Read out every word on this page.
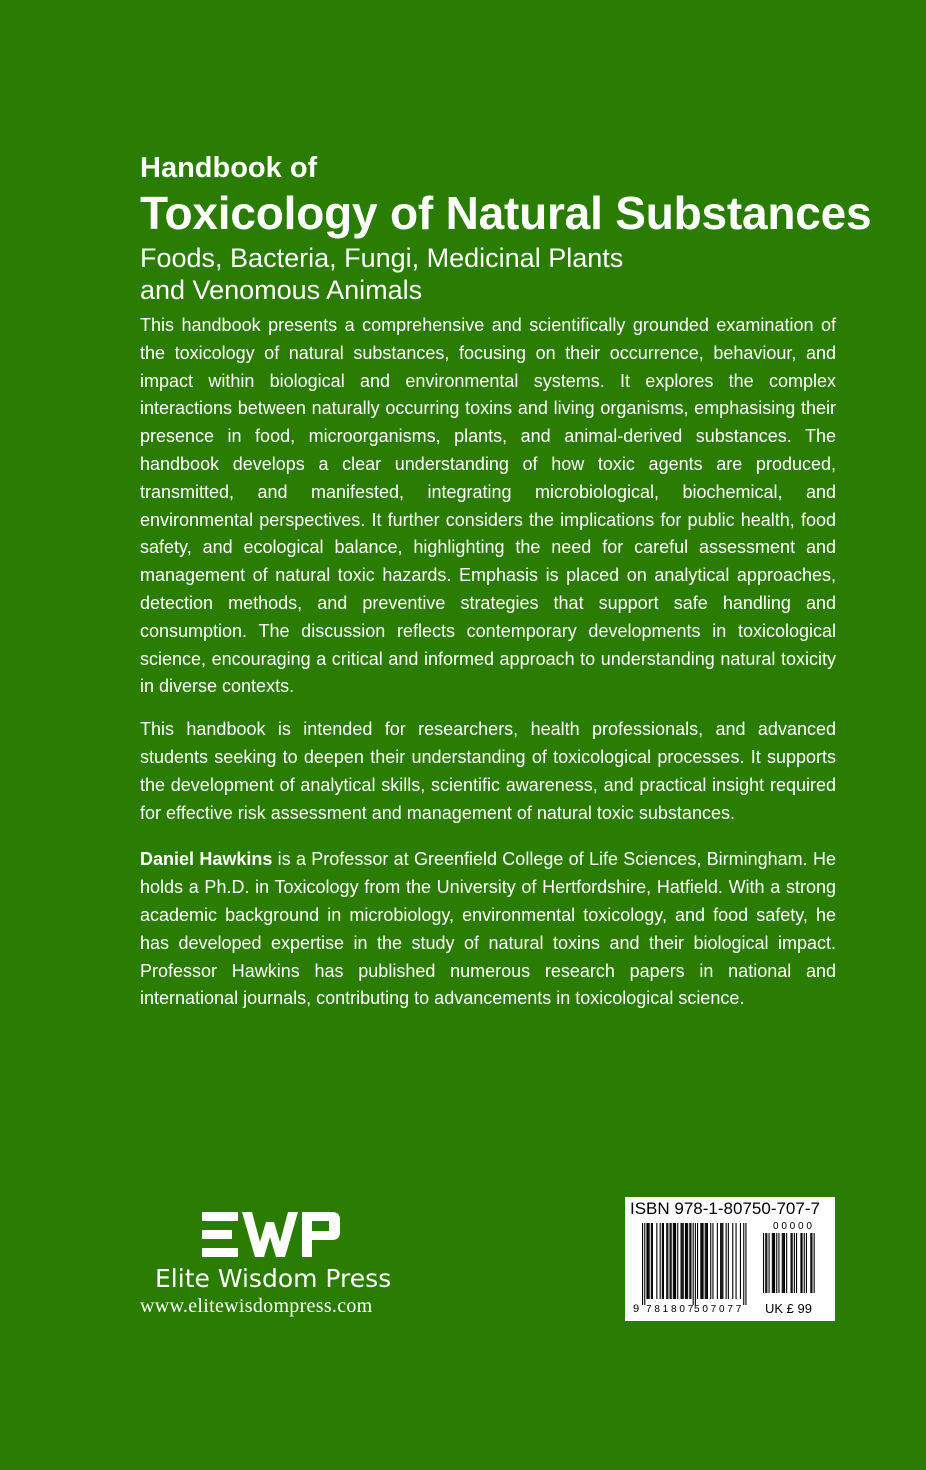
Handbook of
Toxicology of Natural Substances
Foods, Bacteria, Fungi, Medicinal Plants
and Venomous Animals

This handbook presents a comprehensive and scientifically grounded examination of the toxicology of natural substances, focusing on their occurrence, behaviour, and impact within biological and environmental systems. It explores the complex interactions between naturally occurring toxins and living organisms, emphasising their presence in food, microorganisms, plants, and animal-derived substances. The handbook develops a clear understanding of how toxic agents are produced, transmitted, and manifested, integrating microbiological, biochemical, and environmental perspectives. It further considers the implications for public health, food safety, and ecological balance, highlighting the need for careful assessment and management of natural toxic hazards. Emphasis is placed on analytical approaches, detection methods, and preventive strategies that support safe handling and consumption. The discussion reflects contemporary developments in toxicological science, encouraging a critical and informed approach to understanding natural toxicity in diverse contexts.

This handbook is intended for researchers, health professionals, and advanced students seeking to deepen their understanding of toxicological processes. It supports the development of analytical skills, scientific awareness, and practical insight required for effective risk assessment and management of natural toxic substances.

Daniel Hawkins is a Professor at Greenfield College of Life Sciences, Birmingham. He holds a Ph.D. in Toxicology from the University of Hertfordshire, Hatfield. With a strong academic background in microbiology, environmental toxicology, and food safety, he has developed expertise in the study of natural toxins and their biological impact. Professor Hawkins has published numerous research papers in national and international journals, contributing to advancements in toxicological science.

Elite Wisdom Press
www.elitewisdompress.com
ISBN 978-1-80750-707-7
9 7 8 1 8 0 7 5 0 7 0 7 7
0 0 0 0 0
UK £ 99
